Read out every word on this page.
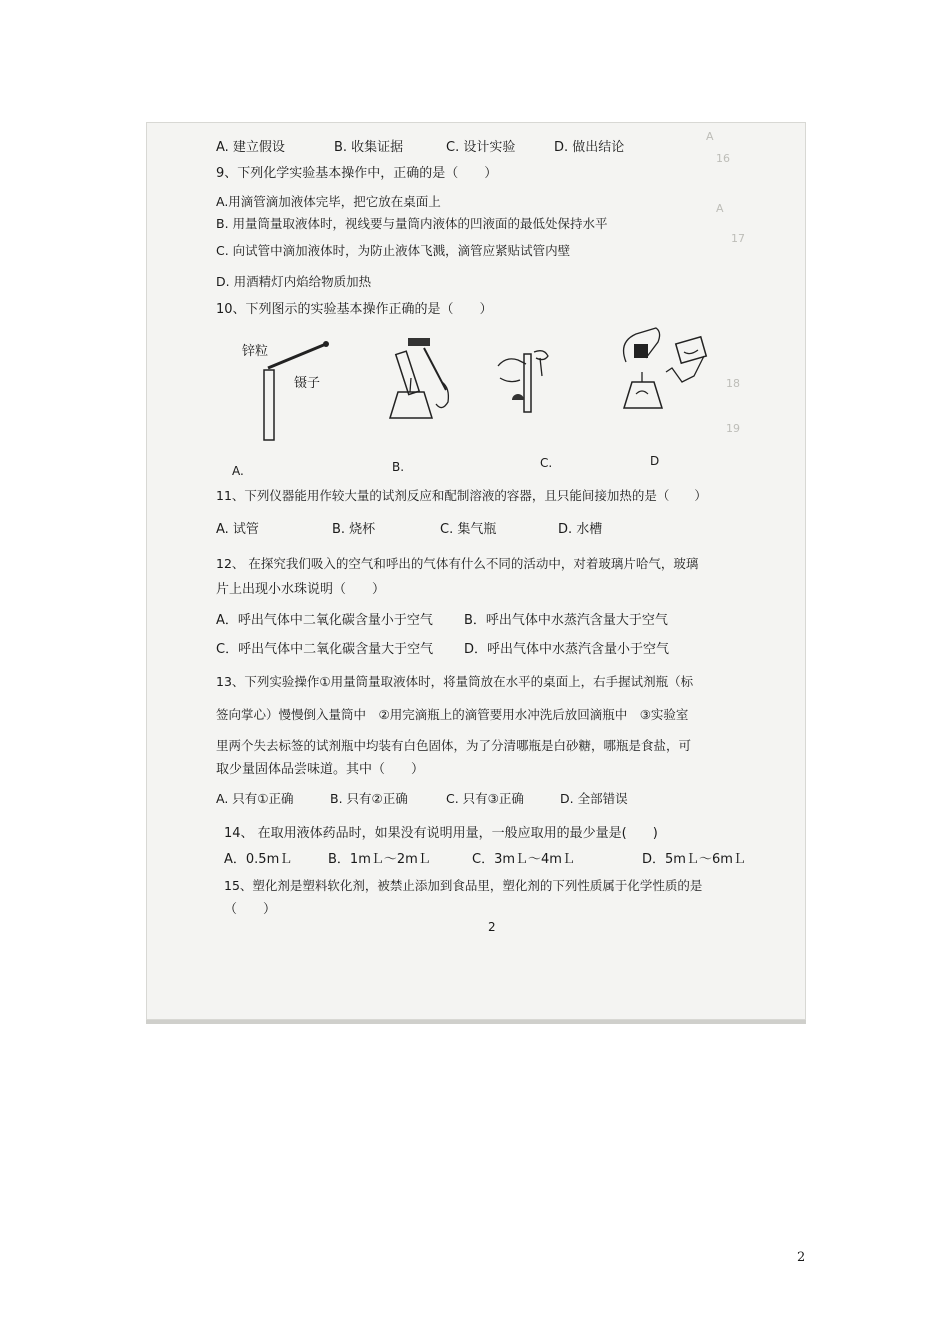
A
16
A
17
18
19
A. 建立假设	B. 收集证据	C. 设计实验	D. 做出结论
9、下列化学实验基本操作中，正确的是（　　）
A.用滴管滴加液体完毕，把它放在桌面上
B. 用量筒量取液体时，视线要与量筒内液体的凹液面的最低处保持水平
C. 向试管中滴加液体时，为防止液体飞溅，滴管应紧贴试管内壁
D. 用酒精灯内焰给物质加热
10、下列图示的实验基本操作正确的是（　　）
锌粒
镊子
A.	B.	C.	D
11、下列仪器能用作较大量的试剂反应和配制溶液的容器，且只能间接加热的是（　　）
A. 试管	B. 烧杯	C. 集气瓶	D. 水槽
12、 在探究我们吸入的空气和呼出的气体有什么不同的活动中，对着玻璃片哈气，玻璃
片上出现小水珠说明（　　）
A．呼出气体中二氧化碳含量小于空气 B．呼出气体中水蒸汽含量大于空气
C．呼出气体中二氧化碳含量大于空气 D．呼出气体中水蒸汽含量小于空气
13、下列实验操作①用量筒量取液体时，将量筒放在水平的桌面上，右手握试剂瓶（标
签向掌心）慢慢倒入量筒中　②用完滴瓶上的滴管要用水冲洗后放回滴瓶中　③实验室
里两个失去标签的试剂瓶中均装有白色固体，为了分清哪瓶是白砂糖，哪瓶是食盐，可
取少量固体品尝味道。其中（　　）
A. 只有①正确	B. 只有②正确	C. 只有③正确	D. 全部错误
14、 在取用液体药品时，如果没有说明用量，一般应取用的最少量是(　　)
A．0.5mＬ	B．1mＬ～2mＬ	C．3mＬ～4mＬ	D．5mＬ～6mＬ
15、塑化剂是塑料软化剂，被禁止添加到食品里，塑化剂的下列性质属于化学性质的是
（　　）
2
2
